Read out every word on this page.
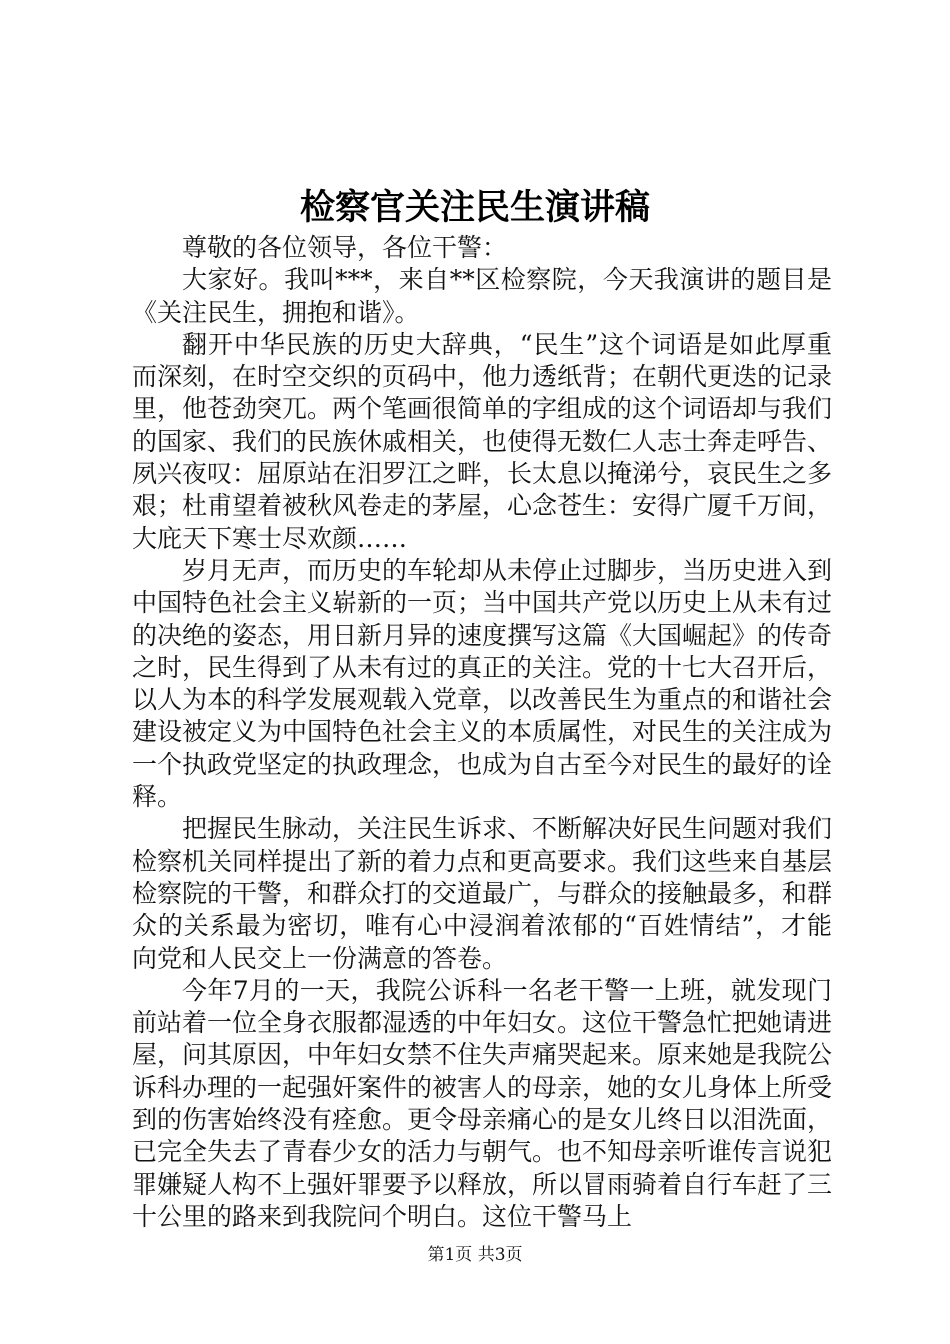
检察官关注民生演讲稿

尊敬的各位领导，各位干警：

大家好。我叫***，来自**区检察院，今天我演讲的题目是《关注民生，拥抱和谐》。

翻开中华民族的历史大辞典，“民生”这个词语是如此厚重而深刻，在时空交织的页码中，他力透纸背；在朝代更迭的记录里，他苍劲突兀。两个笔画很简单的字组成的这个词语却与我们的国家、我们的民族休戚相关，也使得无数仁人志士奔走呼告、夙兴夜叹：屈原站在汨罗江之畔，长太息以掩涕兮，哀民生之多艰；杜甫望着被秋风卷走的茅屋，心念苍生：安得广厦千万间，大庇天下寒士尽欢颜……

岁月无声，而历史的车轮却从未停止过脚步，当历史进入到中国特色社会主义崭新的一页；当中国共产党以历史上从未有过的决绝的姿态，用日新月异的速度撰写这篇《大国崛起》的传奇之时，民生得到了从未有过的真正的关注。党的十七大召开后，以人为本的科学发展观载入党章，以改善民生为重点的和谐社会建设被定义为中国特色社会主义的本质属性，对民生的关注成为一个执政党坚定的执政理念，也成为自古至今对民生的最好的诠释。

把握民生脉动，关注民生诉求、不断解决好民生问题对我们检察机关同样提出了新的着力点和更高要求。我们这些来自基层检察院的干警，和群众打的交道最广，与群众的接触最多，和群众的关系最为密切，唯有心中浸润着浓郁的“百姓情结”，才能向党和人民交上一份满意的答卷。

今年7月的一天，我院公诉科一名老干警一上班，就发现门前站着一位全身衣服都湿透的中年妇女。这位干警急忙把她请进屋，问其原因，中年妇女禁不住失声痛哭起来。原来她是我院公诉科办理的一起强奸案件的被害人的母亲，她的女儿身体上所受到的伤害始终没有痊愈。更令母亲痛心的是女儿终日以泪洗面，已完全失去了青春少女的活力与朝气。也不知母亲听谁传言说犯罪嫌疑人构不上强奸罪要予以释放，所以冒雨骑着自行车赶了三十公里的路来到我院问个明白。这位干警马上

第1页 共3页
